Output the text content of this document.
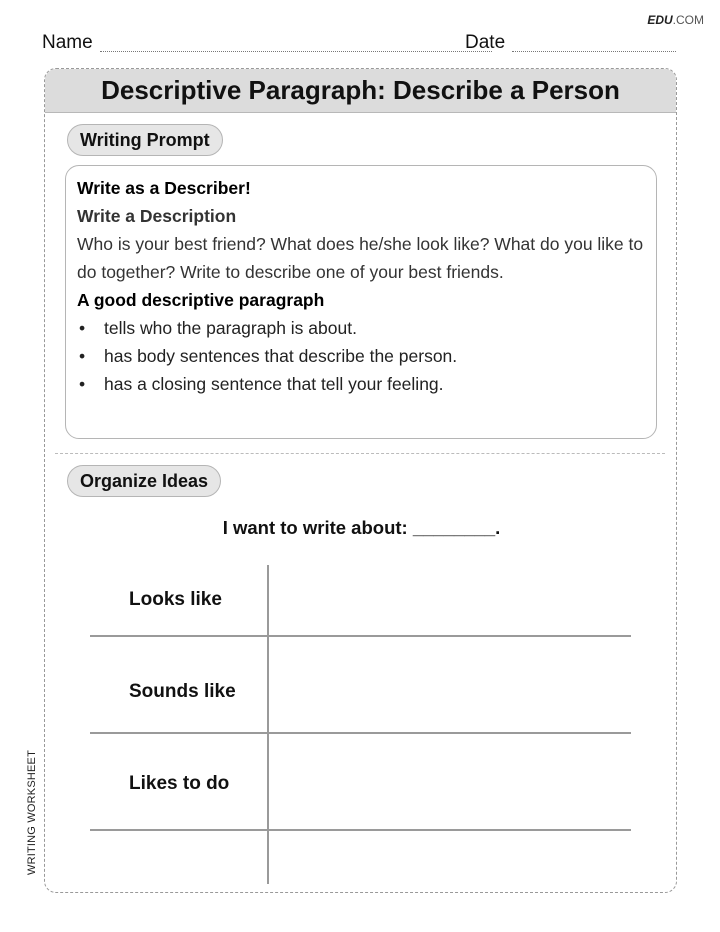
EDU.COM
Name	Date
WRITING WORKSHEET
Descriptive Paragraph: Describe a Person
Writing Prompt
Write as a Describer!
Write a Description
Who is your best friend? What does he/she look like? What do you like to do together? Write to describe one of your best friends.
A good descriptive paragraph
• tells who the paragraph is about.
• has body sentences that describe the person.
• has a closing sentence that tell your feeling.
Organize Ideas
I want to write about: ________.
Looks like
Sounds like
Likes to do
